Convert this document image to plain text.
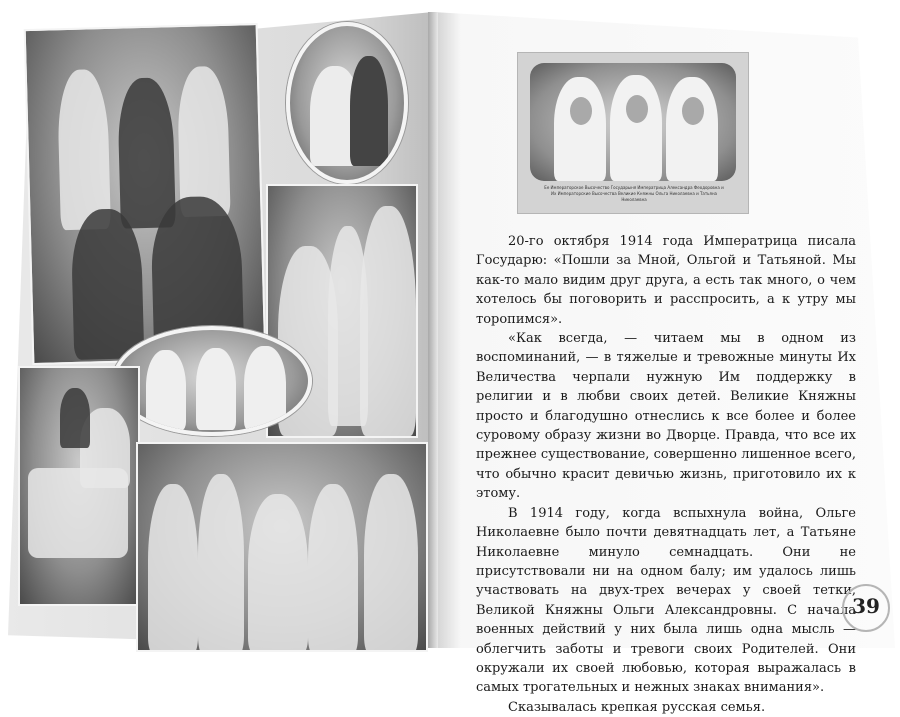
Ее Императорское Высочество Государыня Императрица Александра Феодоровна и Их Императорские Высочества Великие Княжны Ольга Николаевна и Татьяна Николаевна

20-го октября 1914 года Императрица писала Государю: «Пошли за Мной, Ольгой и Татьяной. Мы как-то мало видим друг друга, а есть так много, о чем хотелось бы поговорить и расспросить, а к утру мы торопимся».

«Как всегда, — читаем мы в одном из воспоминаний, — в тяжелые и тревожные минуты Их Величества черпали нужную Им поддержку в религии и в любви своих детей. Великие Княжны просто и благодушно отнеслись к все более и более суровому образу жизни во Дворце. Правда, что все их прежнее существование, совершенно лишенное всего, что обычно красит девичью жизнь, приготовило их к этому.

В 1914 году, когда вспыхнула война, Ольге Николаевне было почти девятнадцать лет, а Татьяне Николаевне минуло семнадцать. Они не присутствовали ни на одном балу; им удалось лишь участвовать на двух-трех вечерах у своей тетки, Великой Княжны Ольги Александровны. С начала военных действий у них была лишь одна мысль — облегчить заботы и тревоги своих Родителей. Они окружали их своей любовью, которая выражалась в самых трогательных и нежных знаках внимания».

Сказывалась крепкая русская семья.

39
